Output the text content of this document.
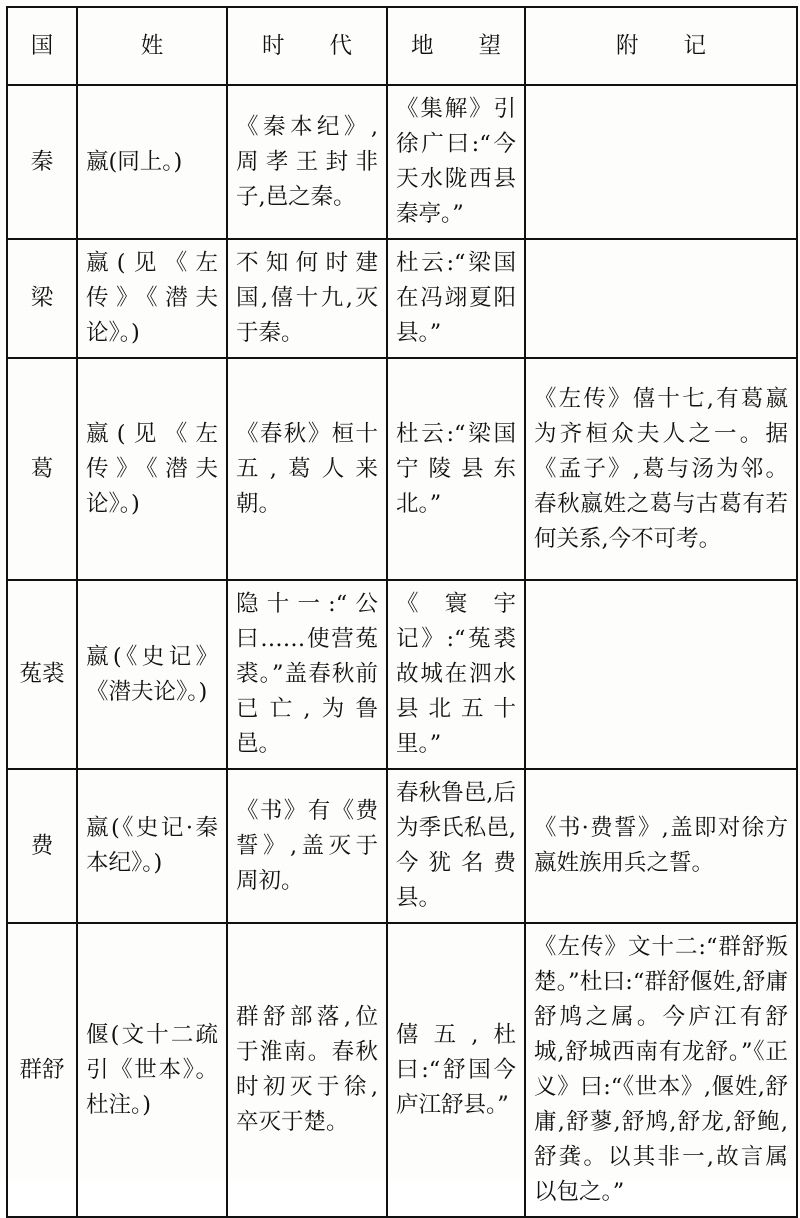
国	姓	时　　代	地　　望	附　　记
秦	嬴(同上。)	《秦本纪》,周孝王封非子,邑之秦。	《集解》引徐广曰:“今天水陇西县秦亭。”	

梁	嬴(见《左传》《潜夫论》。)	不知何时建国,僖十九,灭于秦。	杜云:“梁国在冯翊夏阳县。”	

葛	嬴(见《左传》《潜夫论》。)	《春秋》桓十五,葛人来朝。	杜云:“梁国宁陵县东北。”	《左传》僖十七,有葛嬴为齐桓众夫人之一。据《孟子》,葛与汤为邻。春秋嬴姓之葛与古葛有若何关系,今不可考。

菟裘	嬴(《史记》《潜夫论》。)	隐十一:“公曰……使营菟裘。”盖春秋前已亡,为鲁邑。	《寰宇记》:“菟裘故城在泗水县北五十里。”	

费	嬴(《史记·秦本纪》。)	《书》有《费誓》,盖灭于周初。	春秋鲁邑,后为季氏私邑,今犹名费县。	《书·费誓》,盖即对徐方嬴姓族用兵之誓。

群舒	偃(文十二疏引《世本》。杜注。)	群舒部落,位于淮南。春秋时初灭于徐,卒灭于楚。	僖五,杜曰:“舒国今庐江舒县。”	《左传》文十二:“群舒叛楚。”杜曰:“群舒偃姓,舒庸舒鸠之属。今庐江有舒城,舒城西南有龙舒。”《正义》曰:“《世本》,偃姓,舒庸,舒蓼,舒鸠,舒龙,舒鲍,舒龚。以其非一,故言属以包之。”
